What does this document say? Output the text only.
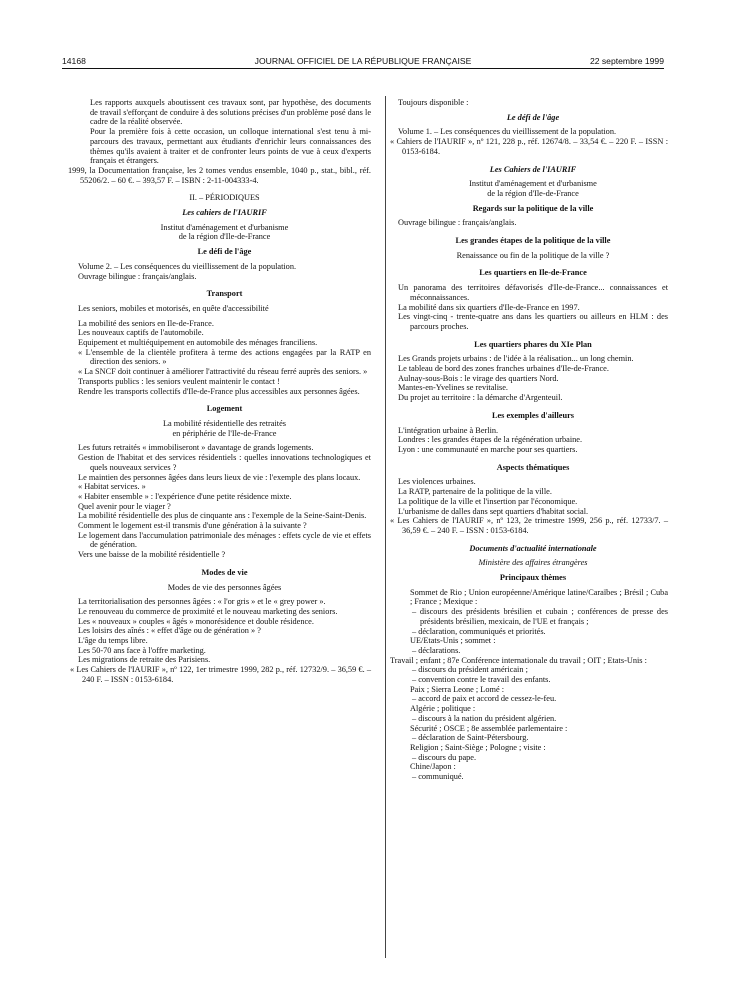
14168	JOURNAL OFFICIEL DE LA RÉPUBLIQUE FRANÇAISE	22 septembre 1999

Les rapports auxquels aboutissent ces travaux sont, par hypothèse, des documents de travail s'efforçant de conduire à des solutions précises d'un problème posé dans le cadre de la réalité observée.

Pour la première fois à cette occasion, un colloque international s'est tenu à mi-parcours des travaux, permettant aux étudiants d'enrichir leurs connaissances des thèmes qu'ils avaient à traiter et de confronter leurs points de vue à ceux d'experts français et étrangers.

1999, la Documentation française, les 2 tomes vendus ensemble, 1040 p., stat., bibl., réf. 55206/2. – 60 €. – 393,57 F. – ISBN : 2-11-004333-4.

II. – PÉRIODIQUES

Les cahiers de l'IAURIF

Institut d'aménagement et d'urbanisme

de la région d'Ile-de-France

Le défi de l'âge

Volume 2. – Les conséquences du vieillissement de la population.

Ouvrage bilingue : français/anglais.

Transport

Les seniors, mobiles et motorisés, en quête d'accessibilité

La mobilité des seniors en Ile-de-France.

Les nouveaux captifs de l'automobile.

Equipement et multiéquipement en automobile des ménages franciliens.

« L'ensemble de la clientèle profitera à terme des actions engagées par la RATP en direction des seniors. »

« La SNCF doit continuer à améliorer l'attractivité du réseau ferré auprès des seniors. »

Transports publics : les seniors veulent maintenir le contact !

Rendre les transports collectifs d'Ile-de-France plus accessibles aux personnes âgées.

Logement

La mobilité résidentielle des retraités

en périphérie de l'Ile-de-France

Les futurs retraités « immobiliseront » davantage de grands logements.

Gestion de l'habitat et des services résidentiels : quelles innovations technologiques et quels nouveaux services ?

Le maintien des personnes âgées dans leurs lieux de vie : l'exemple des plans locaux.

« Habitat services. »

« Habiter ensemble » : l'expérience d'une petite résidence mixte.

Quel avenir pour le viager ?

La mobilité résidentielle des plus de cinquante ans : l'exemple de la Seine-Saint-Denis.

Comment le logement est-il transmis d'une génération à la suivante ?

Le logement dans l'accumulation patrimoniale des ménages : effets cycle de vie et effets de génération.

Vers une baisse de la mobilité résidentielle ?

Modes de vie

Modes de vie des personnes âgées

La territorialisation des personnes âgées : « l'or gris » et le « grey power ».

Le renouveau du commerce de proximité et le nouveau marketing des seniors.

Les « nouveaux » couples « âgés » monorésidence et double résidence.

Les loisirs des aînés : « effet d'âge ou de génération » ?

L'âge du temps libre.

Les 50-70 ans face à l'offre marketing.

Les migrations de retraite des Parisiens.

« Les Cahiers de l'IAURIF », nº 122, 1er trimestre 1999, 282 p., réf. 12732/9. – 36,59 €. – 240 F. – ISSN : 0153-6184.

Toujours disponible :

Le défi de l'âge

Volume 1. – Les conséquences du vieillissement de la population.

« Cahiers de l'IAURIF », nº 121, 228 p., réf. 12674/8. – 33,54 €. – 220 F. – ISSN : 0153-6184.

Les Cahiers de l'IAURIF

Institut d'aménagement et d'urbanisme

de la région d'Ile-de-France

Regards sur la politique de la ville

Ouvrage bilingue : français/anglais.

Les grandes étapes de la politique de la ville

Renaissance ou fin de la politique de la ville ?

Les quartiers en Ile-de-France

Un panorama des territoires défavorisés d'Ile-de-France... connaissances et méconnaissances.

La mobilité dans six quartiers d'Ile-de-France en 1997.

Les vingt-cinq - trente-quatre ans dans les quartiers ou ailleurs en HLM : des parcours proches.

Les quartiers phares du XIe Plan

Les Grands projets urbains : de l'idée à la réalisation... un long chemin.

Le tableau de bord des zones franches urbaines d'Ile-de-France.

Aulnay-sous-Bois : le virage des quartiers Nord.

Mantes-en-Yvelines se revitalise.

Du projet au territoire : la démarche d'Argenteuil.

Les exemples d'ailleurs

L'intégration urbaine à Berlin.

Londres : les grandes étapes de la régénération urbaine.

Lyon : une communauté en marche pour ses quartiers.

Aspects thématiques

Les violences urbaines.

La RATP, partenaire de la politique de la ville.

La politique de la ville et l'insertion par l'économique.

L'urbanisme de dalles dans sept quartiers d'habitat social.

« Les Cahiers de l'IAURIF », nº 123, 2e trimestre 1999, 256 p., réf. 12733/7. – 36,59 €. – 240 F. – ISSN : 0153-6184.

Documents d'actualité internationale

Ministère des affaires étrangères

Principaux thèmes

Sommet de Rio ; Union européenne/Amérique latine/Caraïbes ; Brésil ; Cuba ; France ; Mexique :

– discours des présidents brésilien et cubain ; conférences de presse des présidents brésilien, mexicain, de l'UE et français ;

– déclaration, communiqués et priorités.

UE/Etats-Unis ; sommet :

– déclarations.

Travail ; enfant ; 87e Conférence internationale du travail ; OIT ; Etats-Unis :

– discours du président américain ;

– convention contre le travail des enfants.

Paix ; Sierra Leone ; Lomé :

– accord de paix et accord de cessez-le-feu.

Algérie ; politique :

– discours à la nation du président algérien.

Sécurité ; OSCE ; 8e assemblée parlementaire :

– déclaration de Saint-Pétersbourg.

Religion ; Saint-Siège ; Pologne ; visite :

– discours du pape.

Chine/Japon :

– communiqué.
